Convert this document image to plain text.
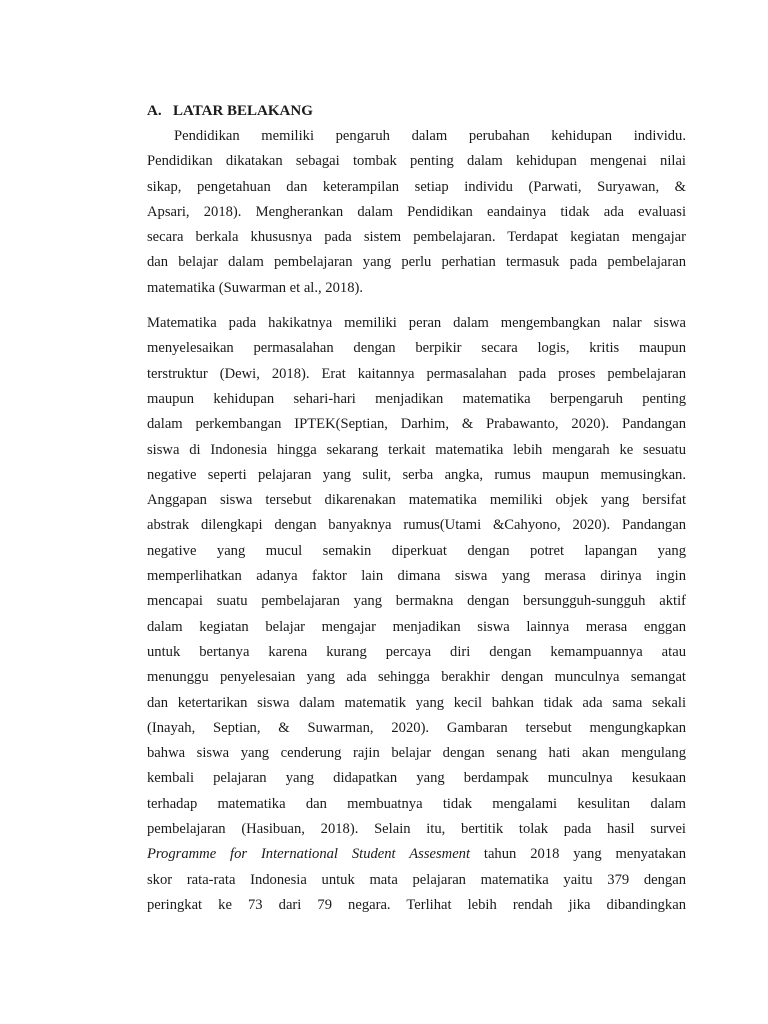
A. LATAR BELAKANG

Pendidikan memiliki pengaruh dalam perubahan kehidupan individu.
Pendidikan dikatakan sebagai tombak penting dalam kehidupan mengenai nilai
sikap, pengetahuan dan keterampilan setiap individu (Parwati, Suryawan, &
Apsari, 2018). Mengherankan dalam Pendidikan eandainya tidak ada evaluasi
secara berkala khususnya pada sistem pembelajaran. Terdapat kegiatan mengajar
dan belajar dalam pembelajaran yang perlu perhatian termasuk pada pembelajaran
matematika (Suwarman et al., 2018).

Matematika pada hakikatnya memiliki peran dalam mengembangkan nalar siswa
menyelesaikan permasalahan dengan berpikir secara logis, kritis maupun
terstruktur (Dewi, 2018). Erat kaitannya permasalahan pada proses pembelajaran
maupun kehidupan sehari-hari menjadikan matematika berpengaruh penting
dalam perkembangan IPTEK(Septian, Darhim, & Prabawanto, 2020). Pandangan
siswa di Indonesia hingga sekarang terkait matematika lebih mengarah ke sesuatu
negative seperti pelajaran yang sulit, serba angka, rumus maupun memusingkan.
Anggapan siswa tersebut dikarenakan matematika memiliki objek yang bersifat
abstrak dilengkapi dengan banyaknya rumus(Utami &Cahyono, 2020). Pandangan
negative yang mucul semakin diperkuat dengan potret lapangan yang
memperlihatkan adanya faktor lain dimana siswa yang merasa dirinya ingin
mencapai suatu pembelajaran yang bermakna dengan bersungguh-sungguh aktif
dalam kegiatan belajar mengajar menjadikan siswa lainnya merasa enggan
untuk bertanya karena kurang percaya diri dengan kemampuannya atau
menunggu penyelesaian yang ada sehingga berakhir dengan munculnya semangat
dan ketertarikan siswa dalam matematik yang kecil bahkan tidak ada sama sekali
(Inayah, Septian, & Suwarman, 2020). Gambaran tersebut mengungkapkan
bahwa siswa yang cenderung rajin belajar dengan senang hati akan mengulang
kembali pelajaran yang didapatkan yang berdampak munculnya kesukaan
terhadap matematika dan membuatnya tidak mengalami kesulitan dalam
pembelajaran (Hasibuan, 2018). Selain itu, bertitik tolak pada hasil survei
Programme for International Student Assesment tahun 2018 yang menyatakan
skor rata-rata Indonesia untuk mata pelajaran matematika yaitu 379 dengan
peringkat ke 73 dari 79 negara. Terlihat lebih rendah jika dibandingkan
